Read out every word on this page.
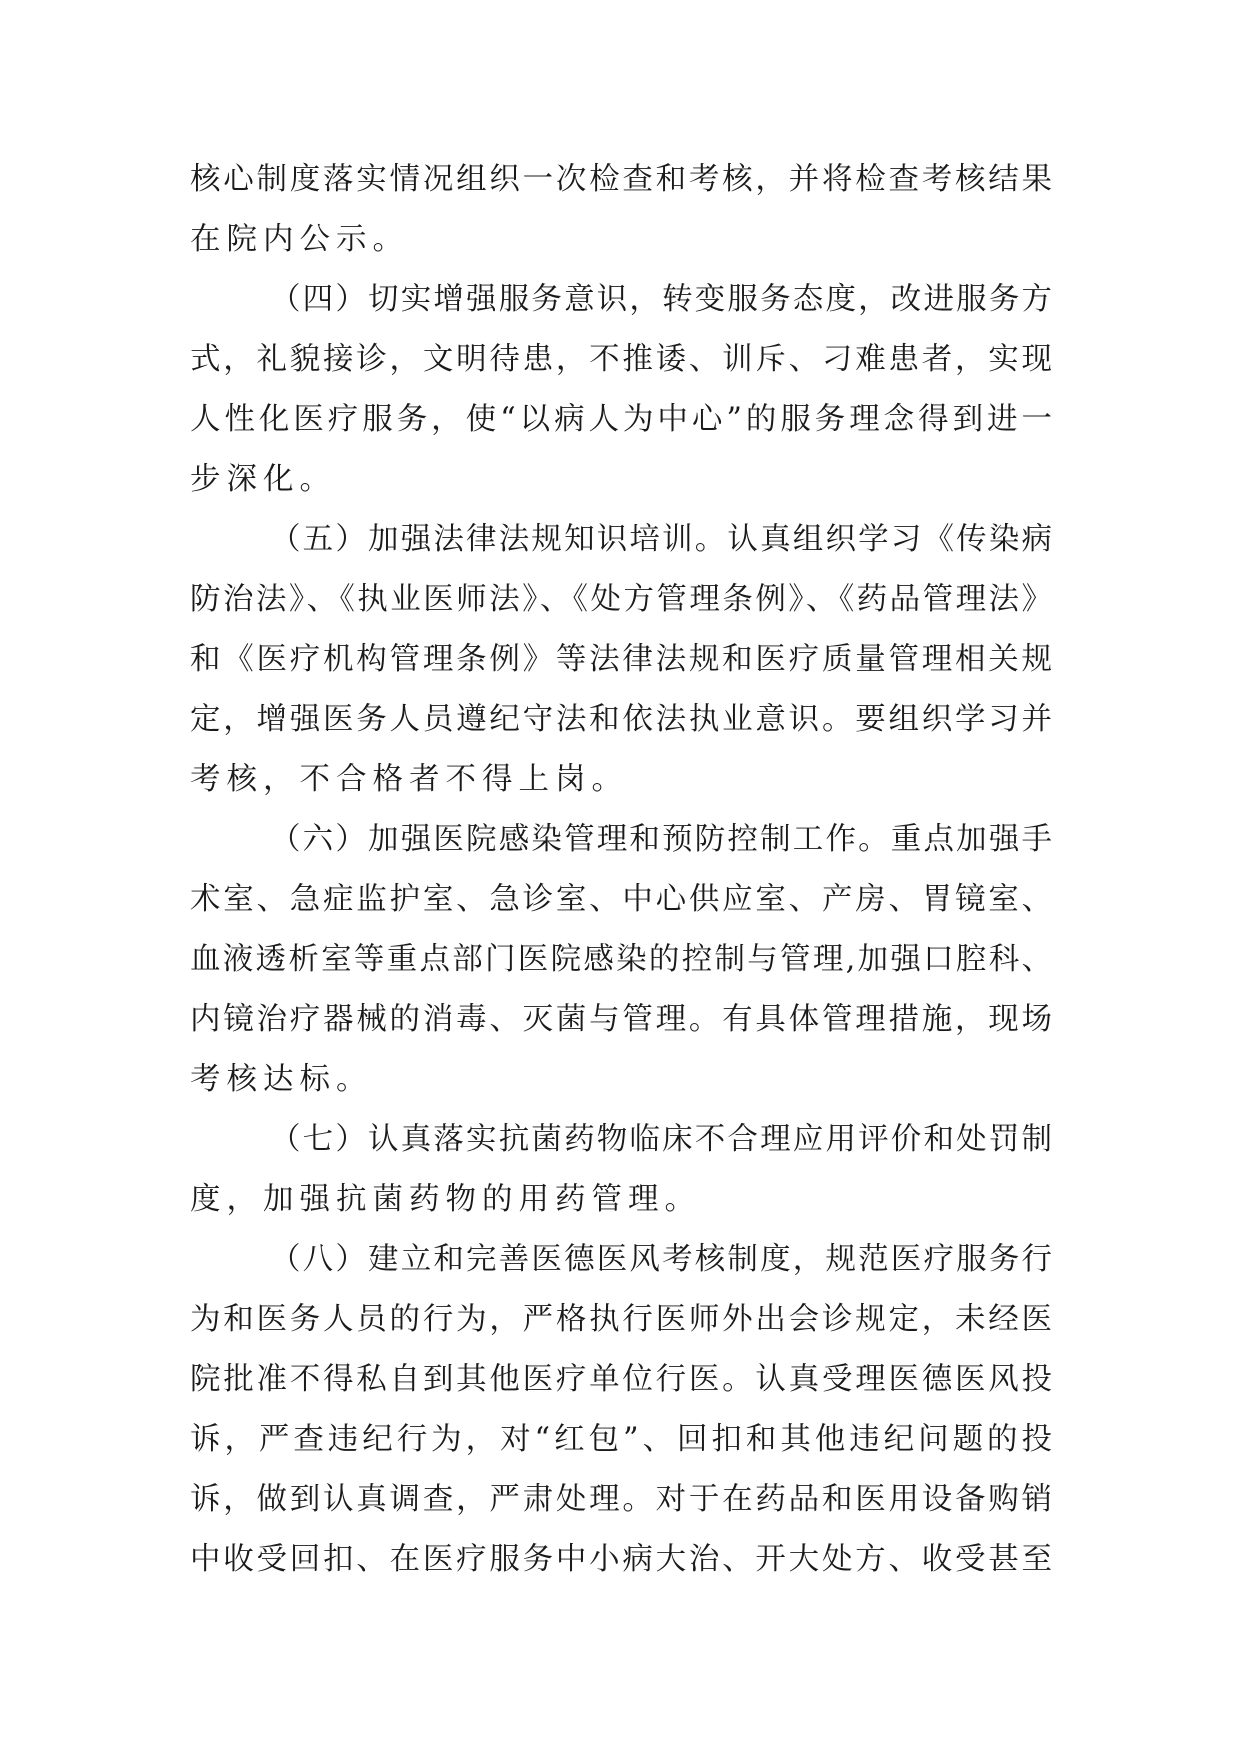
核心制度落实情况组织一次检查和考核，并将检查考核结果
在院内公示。
（四）切实增强服务意识，转变服务态度，改进服务方
式，礼貌接诊，文明待患，不推诿、训斥、刁难患者，实现
人性化医疗服务，使“以病人为中心”的服务理念得到进一
步深化。
（五）加强法律法规知识培训。认真组织学习《传染病
防治法》、《执业医师法》、《处方管理条例》、《药品管理法》
和《医疗机构管理条例》等法律法规和医疗质量管理相关规
定，增强医务人员遵纪守法和依法执业意识。要组织学习并
考核，不合格者不得上岗。
（六）加强医院感染管理和预防控制工作。重点加强手
术室、急症监护室、急诊室、中心供应室、产房、胃镜室、
血液透析室等重点部门医院感染的控制与管理,加强口腔科、
内镜治疗器械的消毒、灭菌与管理。有具体管理措施，现场
考核达标。
（七）认真落实抗菌药物临床不合理应用评价和处罚制
度，加强抗菌药物的用药管理。
（八）建立和完善医德医风考核制度，规范医疗服务行
为和医务人员的行为，严格执行医师外出会诊规定，未经医
院批准不得私自到其他医疗单位行医。认真受理医德医风投
诉，严查违纪行为，对“红包”、回扣和其他违纪问题的投
诉，做到认真调查，严肃处理。对于在药品和医用设备购销
中收受回扣、在医疗服务中小病大治、开大处方、收受甚至
